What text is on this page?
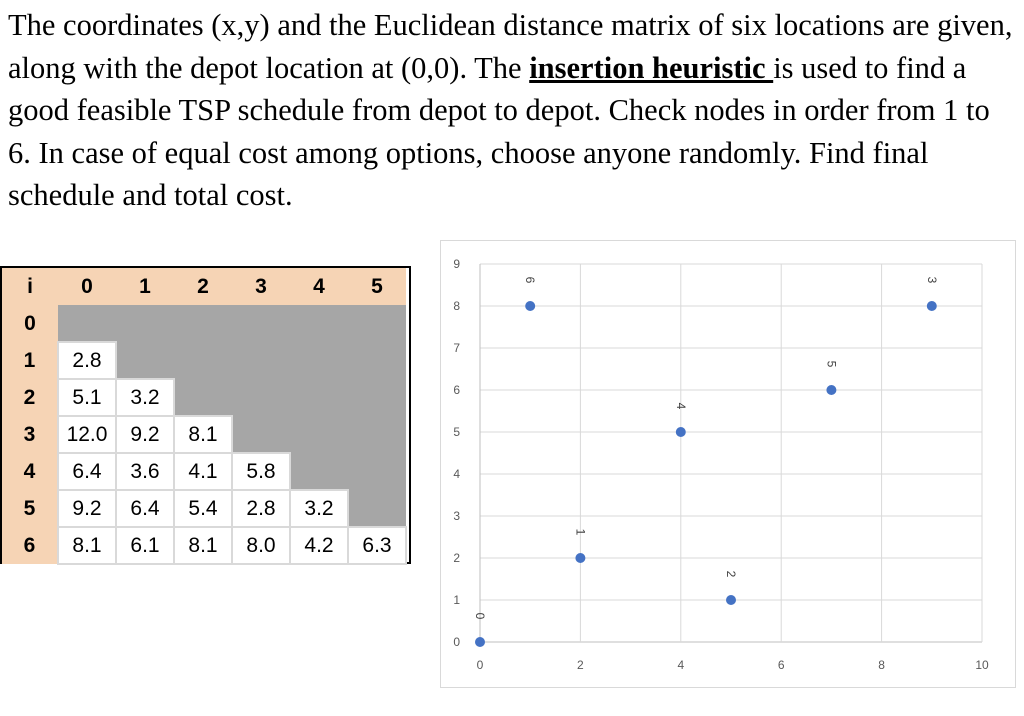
The coordinates (x,y) and the Euclidean distance matrix of six locations are given, along with the depot location at (0,0). The insertion heuristic is used to find a good feasible TSP schedule from depot to depot. Check nodes in order from 1 to 6. In case of equal cost among options, choose anyone randomly. Find final schedule and total cost.

i	0	1	2	3	4	5
0						
1	2.8					
2	5.1	3.2				
3	12.0	9.2	8.1			
4	6.4	3.6	4.1	5.8		
5	9.2	6.4	5.4	2.8	3.2	
6	8.1	6.1	8.1	8.0	4.2	6.3
0
1
2
3
4
5
6
7
8
9
0	2	4	6	8	10
0
1
2
3
4
5
6
